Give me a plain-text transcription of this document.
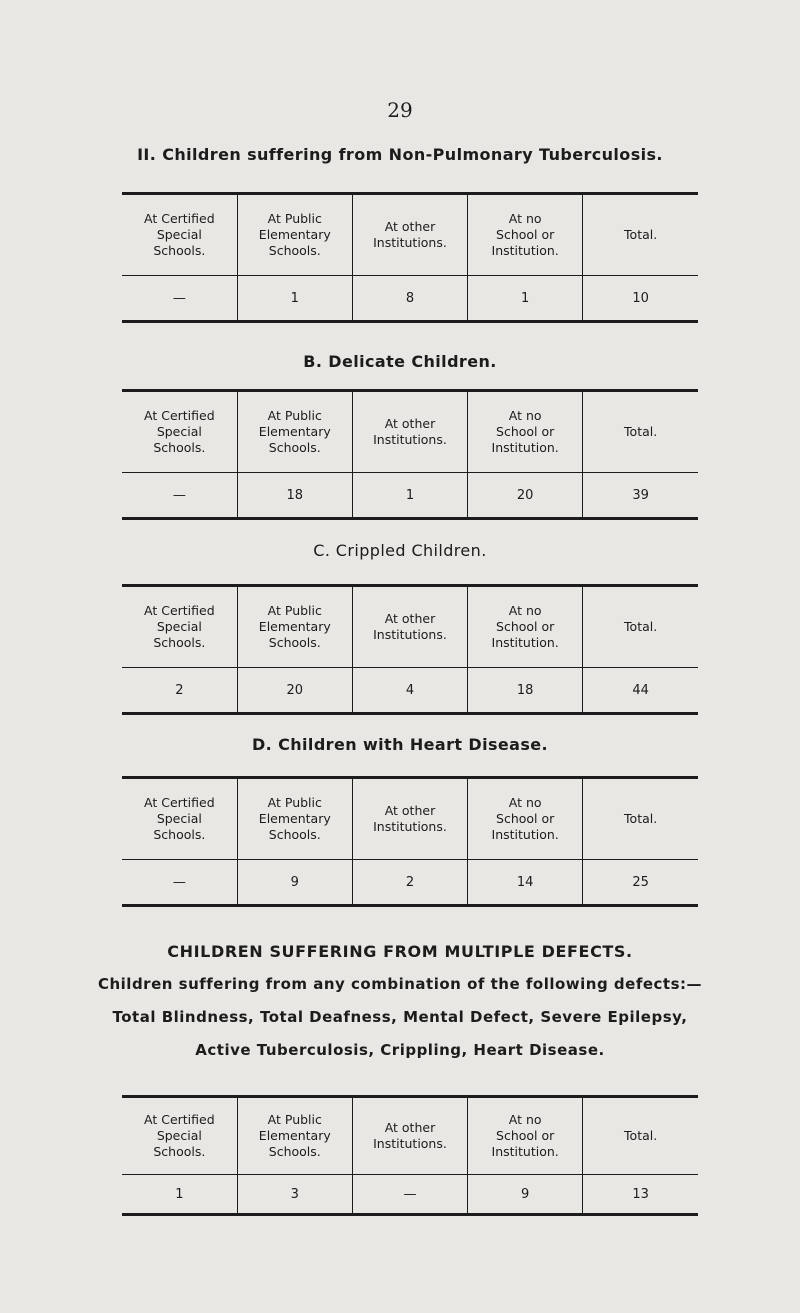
29
II. Children suffering from Non-Pulmonary Tuberculosis.
At Certified
Special
Schools.	At Public
Elementary
Schools.	At other
Institutions.	At no
School or
Institution.	Total.

—	1	8	1	10
B. Delicate Children.
At Certified
Special
Schools.	At Public
Elementary
Schools.	At other
Institutions.	At no
School or
Institution.	Total.

—	18	1	20	39
C. Crippled Children.
At Certified
Special
Schools.	At Public
Elementary
Schools.	At other
Institutions.	At no
School or
Institution.	Total.

2	20	4	18	44
D. Children with Heart Disease.
At Certified
Special
Schools.	At Public
Elementary
Schools.	At other
Institutions.	At no
School or
Institution.	Total.

—	9	2	14	25
CHILDREN SUFFERING FROM MULTIPLE DEFECTS.
Children suffering from any combination of the following defects:—
Total Blindness, Total Deafness, Mental Defect, Severe Epilepsy,
Active Tuberculosis, Crippling, Heart Disease.
At Certified
Special
Schools.	At Public
Elementary
Schools.	At other
Institutions.	At no
School or
Institution.	Total.

1	3	—	9	13
